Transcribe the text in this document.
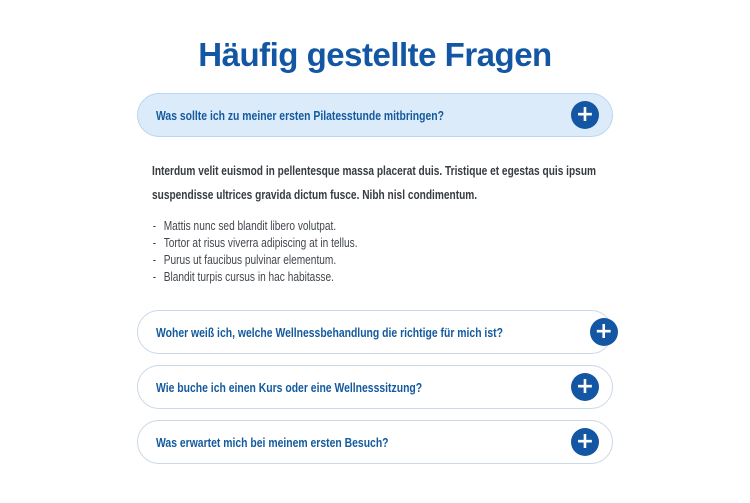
Häufig gestellte Fragen
Was sollte ich zu meiner ersten Pilatesstunde mitbringen?	+

Interdum velit euismod in pellentesque massa placerat duis. Tristique et egestas quis ipsum suspendisse ultrices gravida dictum fusce. Nibh nisl condimentum.

- Mattis nunc sed blandit libero volutpat.
- Tortor at risus viverra adipiscing at in tellus.
- Purus ut faucibus pulvinar elementum.
- Blandit turpis cursus in hac habitasse.
Woher weiß ich, welche Wellnessbehandlung die richtige für mich ist?	+
Wie buche ich einen Kurs oder eine Wellnesssitzung?	+
Was erwartet mich bei meinem ersten Besuch?	+
